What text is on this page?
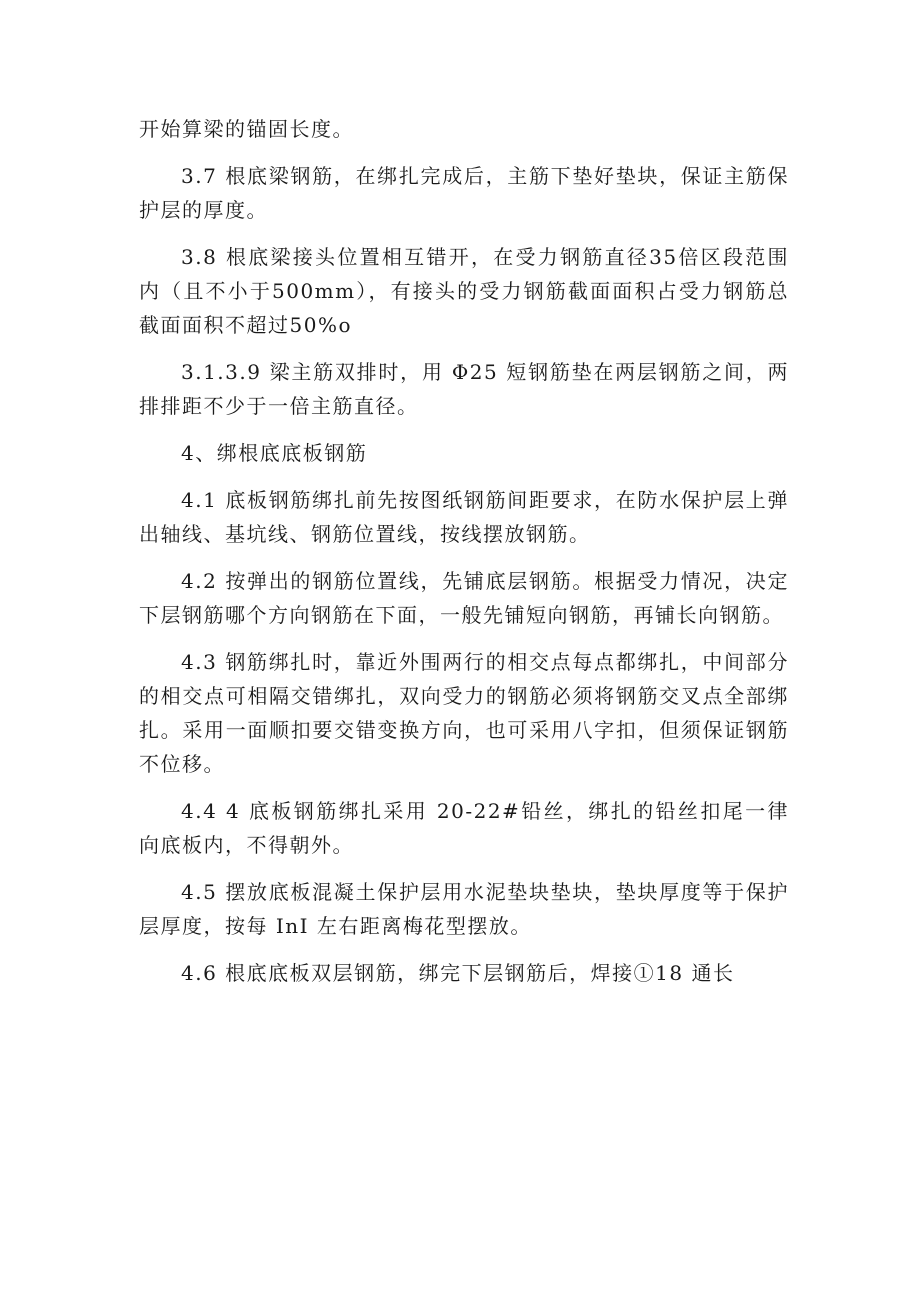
开始算梁的锚固长度。

3.7 根底梁钢筋，在绑扎完成后，主筋下垫好垫块，保证主筋保护层的厚度。

3.8 根底梁接头位置相互错开，在受力钢筋直径35倍区段范围内（且不小于500mm），有接头的受力钢筋截面面积占受力钢筋总截面面积不超过50%o

3.1.3.9 梁主筋双排时，用 Φ25 短钢筋垫在两层钢筋之间，两排排距不少于一倍主筋直径。

4、绑根底底板钢筋

4.1 底板钢筋绑扎前先按图纸钢筋间距要求，在防水保护层上弹出轴线、基坑线、钢筋位置线，按线摆放钢筋。

4.2 按弹出的钢筋位置线，先铺底层钢筋。根据受力情况，决定下层钢筋哪个方向钢筋在下面，一般先铺短向钢筋，再铺长向钢筋。

4.3 钢筋绑扎时，靠近外围两行的相交点每点都绑扎，中间部分的相交点可相隔交错绑扎，双向受力的钢筋必须将钢筋交叉点全部绑扎。采用一面顺扣要交错变换方向，也可采用八字扣，但须保证钢筋不位移。

4.4 4 底板钢筋绑扎采用 20-22#铅丝，绑扎的铅丝扣尾一律向底板内，不得朝外。

4.5 摆放底板混凝土保护层用水泥垫块垫块，垫块厚度等于保护层厚度，按每 InI 左右距离梅花型摆放。

4.6 根底底板双层钢筋，绑完下层钢筋后，焊接①18 通长
